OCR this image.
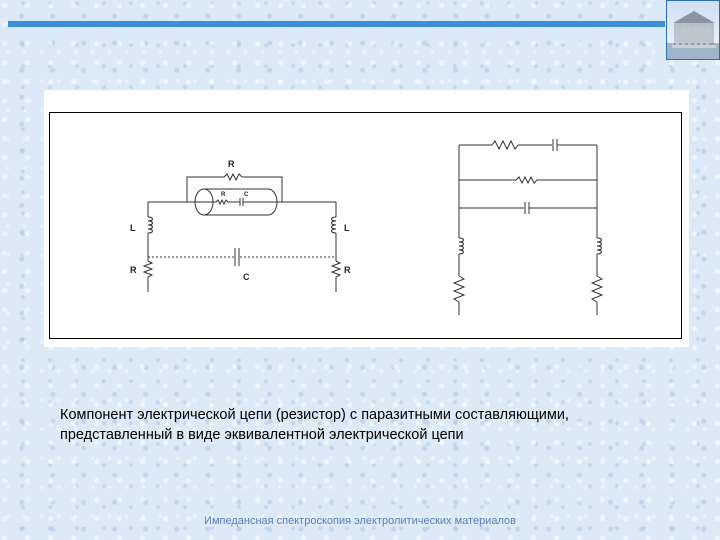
R
R	C
L
R
L
R
C
Компонент электрической цепи (резистор) с паразитными составляющими,
представленный в виде эквивалентной электрической цепи
Импедансная спектроскопия электролитических материалов
